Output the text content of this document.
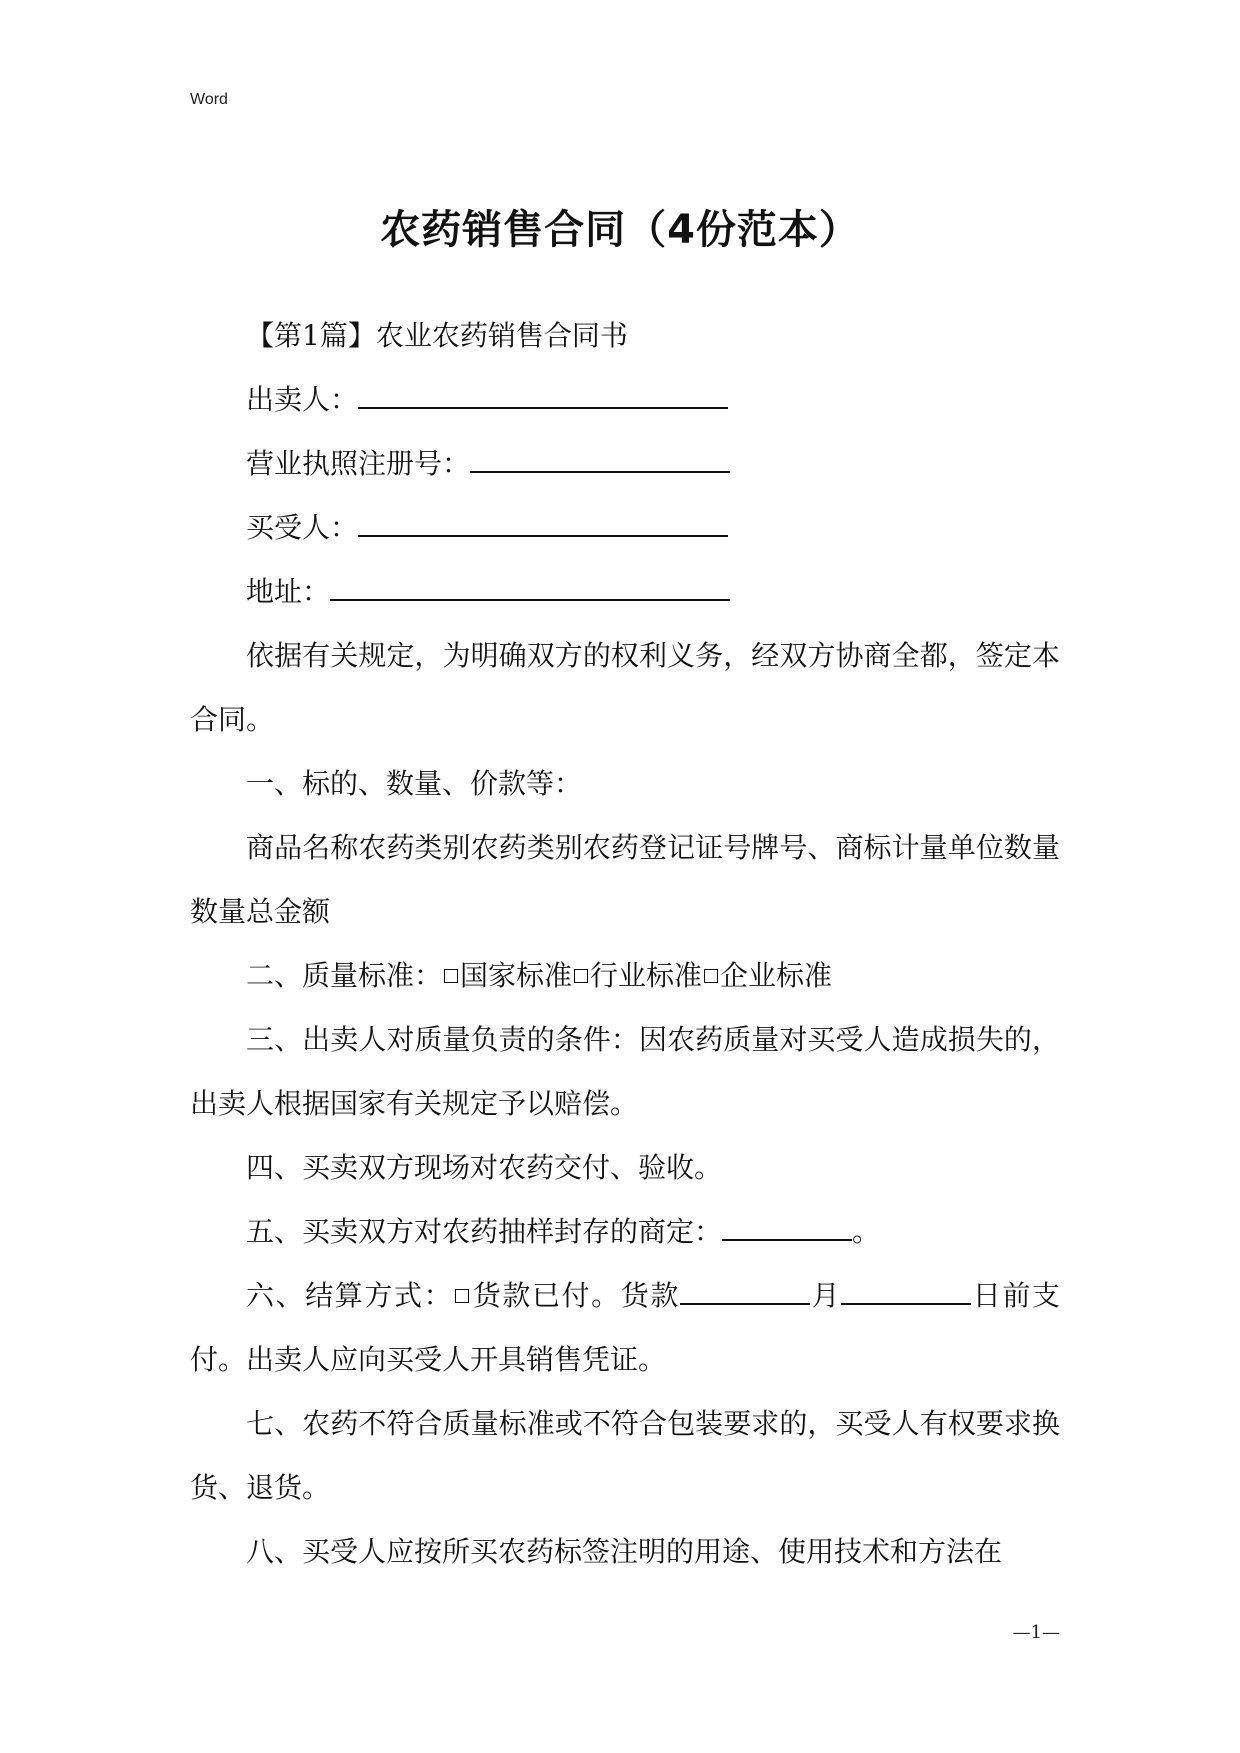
Word
农药销售合同（4份范本）

【第1篇】农业农药销售合同书

出卖人：

营业执照注册号：

买受人：

地址：

依据有关规定，为明确双方的权利义务，经双方协商全都，签定本合同。

一、标的、数量、价款等：

商品名称农药类别农药类别农药登记证号牌号、商标计量单位数量数量总金额

二、质量标准： 国家标准 行业标准 企业标准

三、出卖人对质量负责的条件：因农药质量对买受人造成损失的，出卖人根据国家有关规定予以赔偿。

四、买卖双方现场对农药交付、验收。

五、买卖双方对农药抽样封存的商定：	。

六、结算方式： 货款已付。货款	月	日前支付。出卖人应向买受人开具销售凭证。

七、农药不符合质量标准或不符合包装要求的，买受人有权要求换货、退货。

八、买受人应按所买农药标签注明的用途、使用技术和方法在

—1—
